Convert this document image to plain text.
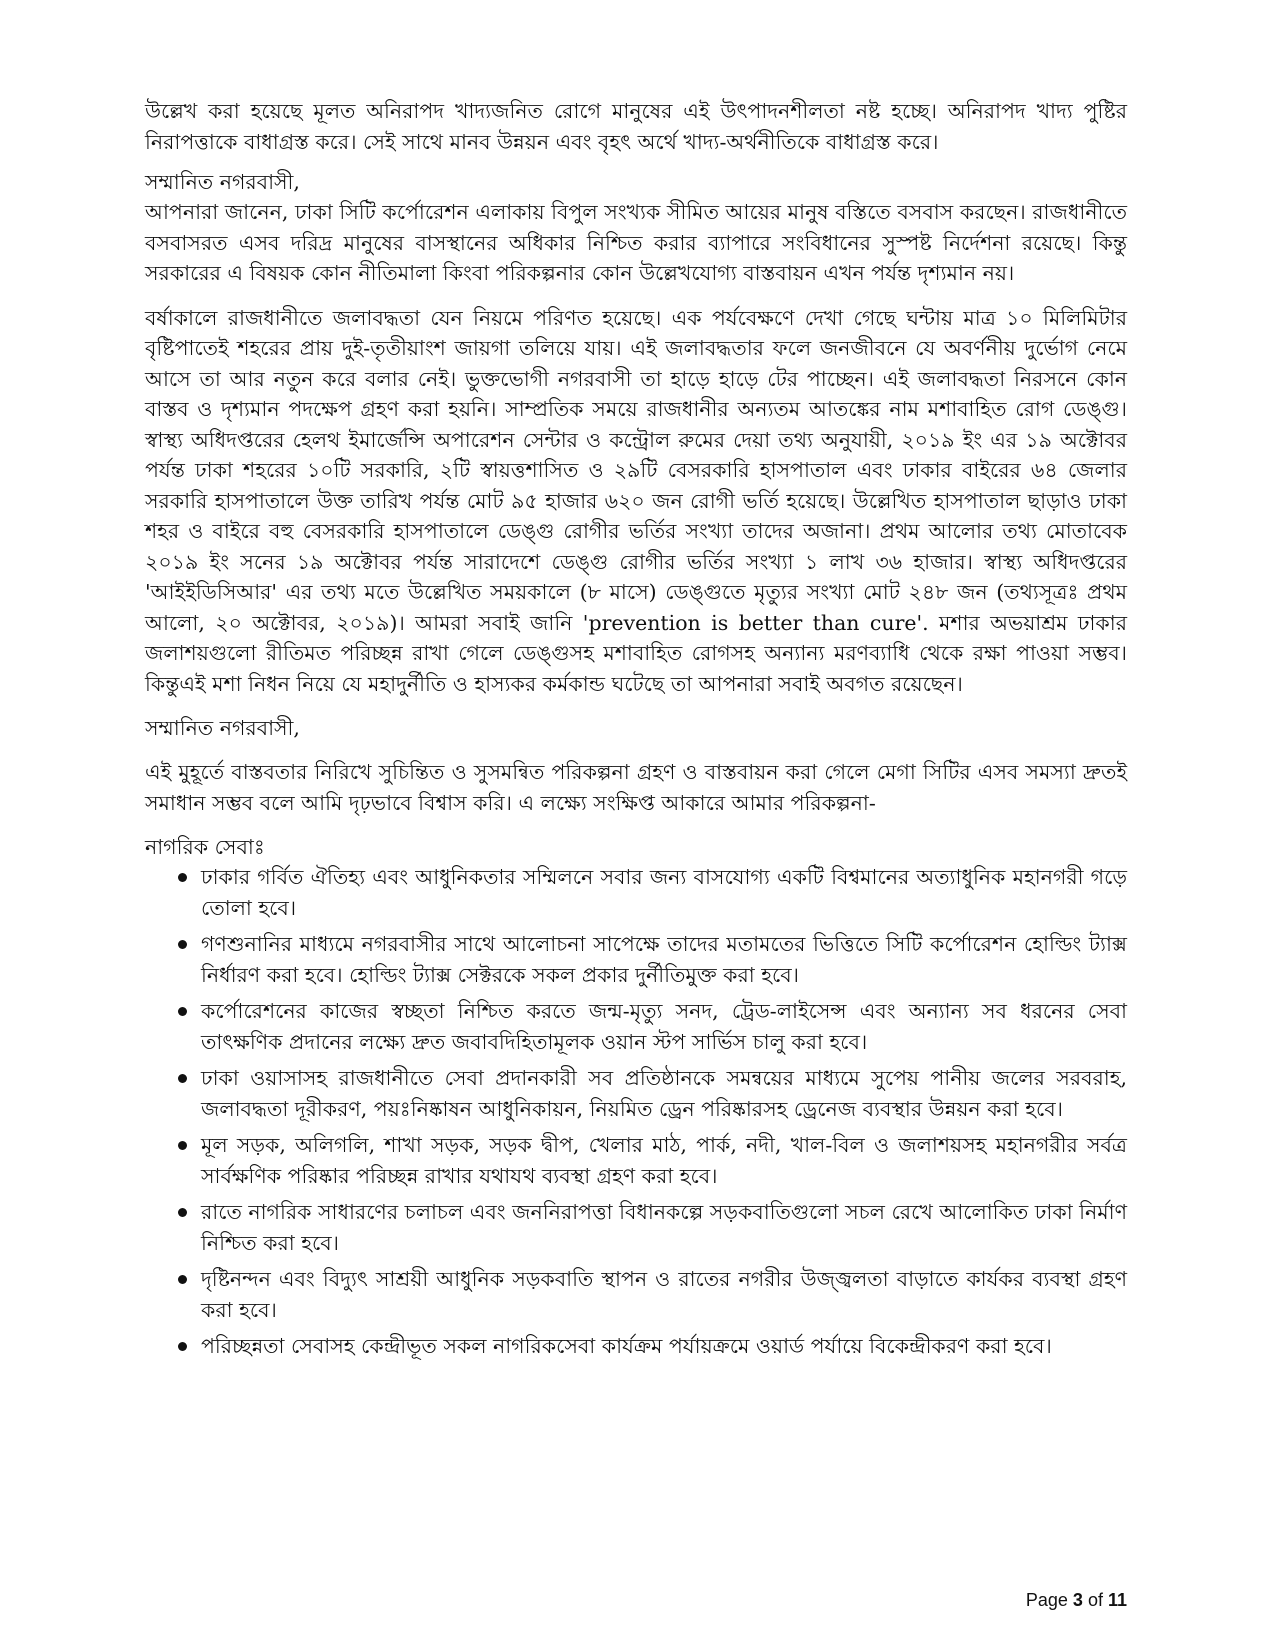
উল্লেখ করা হয়েছে মূলত অনিরাপদ খাদ্যজনিত রোগে মানুষের এই উৎপাদনশীলতা নষ্ট হচ্ছে। অনিরাপদ খাদ্য পুষ্টির নিরাপত্তাকে বাধাগ্রস্ত করে। সেই সাথে মানব উন্নয়ন এবং বৃহৎ অর্থে খাদ্য-অর্থনীতিকে বাধাগ্রস্ত করে।

সম্মানিত নগরবাসী,

আপনারা জানেন, ঢাকা সিটি কর্পোরেশন এলাকায় বিপুল সংখ্যক সীমিত আয়ের মানুষ বস্তিতে বসবাস করছেন। রাজধানীতে বসবাসরত এসব দরিদ্র মানুষের বাসস্থানের অধিকার নিশ্চিত করার ব্যাপারে সংবিধানের সুস্পষ্ট নির্দেশনা রয়েছে। কিন্তু সরকারের এ বিষয়ক কোন নীতিমালা কিংবা পরিকল্পনার কোন উল্লেখযোগ্য বাস্তবায়ন এখন পর্যন্ত দৃশ্যমান নয়।

বর্ষাকালে রাজধানীতে জলাবদ্ধতা যেন নিয়মে পরিণত হয়েছে। এক পর্যবেক্ষণে দেখা গেছে ঘন্টায় মাত্র ১০ মিলিমিটার বৃষ্টিপাতেই শহরের প্রায় দুই-তৃতীয়াংশ জায়গা তলিয়ে যায়। এই জলাবদ্ধতার ফলে জনজীবনে যে অবর্ণনীয় দুর্ভোগ নেমে আসে তা আর নতুন করে বলার নেই। ভুক্তভোগী নগরবাসী তা হাড়ে হাড়ে টের পাচ্ছেন। এই জলাবদ্ধতা নিরসনে কোন বাস্তব ও দৃশ্যমান পদক্ষেপ গ্রহণ করা হয়নি। সাম্প্রতিক সময়ে রাজধানীর অন্যতম আতঙ্কের নাম মশাবাহিত রোগ ডেঙ্গু। স্বাস্থ্য অধিদপ্তরের হেলথ ইমার্জেন্সি অপারেশন সেন্টার ও কন্ট্রোল রুমের দেয়া তথ্য অনুযায়ী, ২০১৯ ইং এর ১৯ অক্টোবর পর্যন্ত ঢাকা শহরের ১০টি সরকারি, ২টি স্বায়ত্তশাসিত ও ২৯টি বেসরকারি হাসপাতাল এবং ঢাকার বাইরের ৬৪ জেলার সরকারি হাসপাতালে উক্ত তারিখ পর্যন্ত মোট ৯৫ হাজার ৬২০ জন রোগী ভর্তি হয়েছে। উল্লেখিত হাসপাতাল ছাড়াও ঢাকা শহর ও বাইরে বহু বেসরকারি হাসপাতালে ডেঙ্গু রোগীর ভর্তির সংখ্যা তাদের অজানা। প্রথম আলোর তথ্য মোতাবেক ২০১৯ ইং সনের ১৯ অক্টোবর পর্যন্ত সারাদেশে ডেঙ্গু রোগীর ভর্তির সংখ্যা ১ লাখ ৩৬ হাজার। স্বাস্থ্য অধিদপ্তরের 'আইইডিসিআর' এর তথ্য মতে উল্লেখিত সময়কালে (৮ মাসে) ডেঙ্গুতে মৃত্যুর সংখ্যা মোট ২৪৮ জন (তথ্যসূত্রঃ প্রথম আলো, ২০ অক্টোবর, ২০১৯)। আমরা সবাই জানি 'prevention is better than cure'. মশার অভয়াশ্রম ঢাকার জলাশয়গুলো রীতিমত পরিচ্ছন্ন রাখা গেলে ডেঙ্গুসহ মশাবাহিত রোগসহ অন্যান্য মরণব্যাধি থেকে রক্ষা পাওয়া সম্ভব। কিন্তুএই মশা নিধন নিয়ে যে মহাদুর্নীতি ও হাস্যকর কর্মকান্ড ঘটেছে তা আপনারা সবাই অবগত রয়েছেন।

সম্মানিত নগরবাসী,

এই মুহূর্তে বাস্তবতার নিরিখে সুচিন্তিত ও সুসমন্বিত পরিকল্পনা গ্রহণ ও বাস্তবায়ন করা গেলে মেগা সিটির এসব সমস্যা দ্রুতই সমাধান সম্ভব বলে আমি দৃঢ়ভাবে বিশ্বাস করি। এ লক্ষ্যে সংক্ষিপ্ত আকারে আমার পরিকল্পনা-

নাগরিক সেবাঃ
ঢাকার গর্বিত ঐতিহ্য এবং আধুনিকতার সম্মিলনে সবার জন্য বাসযোগ্য একটি বিশ্বমানের অত্যাধুনিক মহানগরী গড়ে তোলা হবে।
গণশুনানির মাধ্যমে নগরবাসীর সাথে আলোচনা সাপেক্ষে তাদের মতামতের ভিত্তিতে সিটি কর্পোরেশন হোল্ডিং ট্যাক্স নির্ধারণ করা হবে। হোল্ডিং ট্যাক্স সেক্টরকে সকল প্রকার দুর্নীতিমুক্ত করা হবে।
কর্পোরেশনের কাজের স্বচ্ছতা নিশ্চিত করতে জন্ম-মৃত্যু সনদ, ট্রেড-লাইসেন্স এবং অন্যান্য সব ধরনের সেবা তাৎক্ষণিক প্রদানের লক্ষ্যে দ্রুত জবাবদিহিতামূলক ওয়ান স্টপ সার্ভিস চালু করা হবে।
ঢাকা ওয়াসাসহ রাজধানীতে সেবা প্রদানকারী সব প্রতিষ্ঠানকে সমন্বয়ের মাধ্যমে সুপেয় পানীয় জলের সরবরাহ, জলাবদ্ধতা দূরীকরণ, পয়ঃনিষ্কাষন আধুনিকায়ন, নিয়মিত ড্রেন পরিষ্কারসহ ড্রেনেজ ব্যবস্থার উন্নয়ন করা হবে।
মূল সড়ক, অলিগলি, শাখা সড়ক, সড়ক দ্বীপ, খেলার মাঠ, পার্ক, নদী, খাল-বিল ও জলাশয়সহ মহানগরীর সর্বত্র সার্বক্ষণিক পরিষ্কার পরিচ্ছন্ন রাখার যথাযথ ব্যবস্থা গ্রহণ করা হবে।
রাতে নাগরিক সাধারণের চলাচল এবং জননিরাপত্তা বিধানকল্পে সড়কবাতিগুলো সচল রেখে আলোকিত ঢাকা নির্মাণ নিশ্চিত করা হবে।
দৃষ্টিনন্দন এবং বিদ্যুৎ সাশ্রয়ী আধুনিক সড়কবাতি স্থাপন ও রাতের নগরীর উজ্জ্বলতা বাড়াতে কার্যকর ব্যবস্থা গ্রহণ করা হবে।
পরিচ্ছন্নতা সেবাসহ কেন্দ্রীভূত সকল নাগরিকসেবা কার্যক্রম পর্যায়ক্রমে ওয়ার্ড পর্যায়ে বিকেন্দ্রীকরণ করা হবে।
Page 3 of 11
